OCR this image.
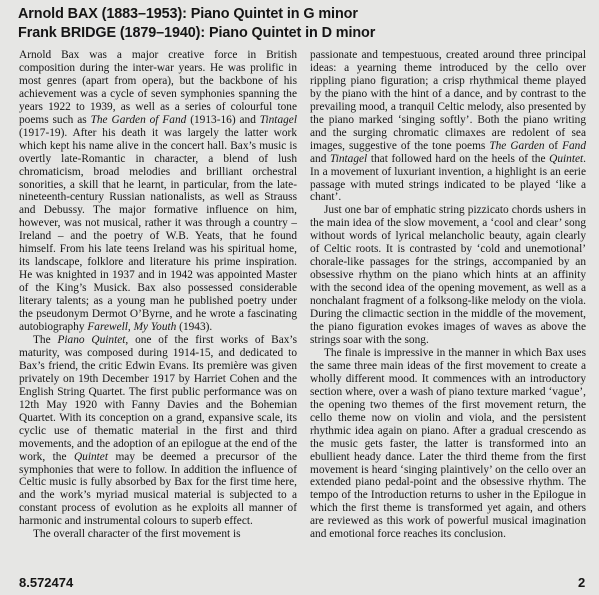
Arnold BAX (1883–1953): Piano Quintet in G minor
Frank BRIDGE (1879–1940): Piano Quintet in D minor

Arnold Bax was a major creative force in British composition during the inter-war years. He was prolific in most genres (apart from opera), but the backbone of his achievement was a cycle of seven symphonies spanning the years 1922 to 1939, as well as a series of colourful tone poems such as The Garden of Fand (1913-16) and Tintagel (1917-19). After his death it was largely the latter work which kept his name alive in the concert hall. Bax’s music is overtly late-Romantic in character, a blend of lush chromaticism, broad melodies and brilliant orchestral sonorities, a skill that he learnt, in particular, from the late-nineteenth-century Russian nationalists, as well as Strauss and Debussy. The major formative influence on him, however, was not musical, rather it was through a country – Ireland – and the poetry of W.B. Yeats, that he found himself. From his late teens Ireland was his spiritual home, its landscape, folklore and literature his prime inspiration. He was knighted in 1937 and in 1942 was appointed Master of the King’s Musick. Bax also possessed considerable literary talents; as a young man he published poetry under the pseudonym Dermot O’Byrne, and he wrote a fascinating autobiography Farewell, My Youth (1943).

The Piano Quintet, one of the first works of Bax’s maturity, was composed during 1914-15, and dedicated to Bax’s friend, the critic Edwin Evans. Its première was given privately on 19th December 1917 by Harriet Cohen and the English String Quartet. The first public performance was on 12th May 1920 with Fanny Davies and the Bohemian Quartet. With its conception on a grand, expansive scale, its cyclic use of thematic material in the first and third movements, and the adoption of an epilogue at the end of the work, the Quintet may be deemed a precursor of the symphonies that were to follow. In addition the influence of Celtic music is fully absorbed by Bax for the first time here, and the work’s myriad musical material is subjected to a constant process of evolution as he exploits all manner of harmonic and instrumental colours to superb effect.

The overall character of the first movement is

passionate and tempestuous, created around three principal ideas: a yearning theme introduced by the cello over rippling piano figuration; a crisp rhythmical theme played by the piano with the hint of a dance, and by contrast to the prevailing mood, a tranquil Celtic melody, also presented by the piano marked ‘singing softly’. Both the piano writing and the surging chromatic climaxes are redolent of sea images, suggestive of the tone poems The Garden of Fand and Tintagel that followed hard on the heels of the Quintet. In a movement of luxuriant invention, a highlight is an eerie passage with muted strings indicated to be played ‘like a chant’.

Just one bar of emphatic string pizzicato chords ushers in the main idea of the slow movement, a ‘cool and clear’ song without words of lyrical melancholic beauty, again clearly of Celtic roots. It is contrasted by ‘cold and unemotional’ chorale-like passages for the strings, accompanied by an obsessive rhythm on the piano which hints at an affinity with the second idea of the opening movement, as well as a nonchalant fragment of a folksong-like melody on the viola. During the climactic section in the middle of the movement, the piano figuration evokes images of waves as above the strings soar with the song.

The finale is impressive in the manner in which Bax uses the same three main ideas of the first movement to create a wholly different mood. It commences with an introductory section where, over a wash of piano texture marked ‘vague’, the opening two themes of the first movement return, the cello theme now on violin and viola, and the persistent rhythmic idea again on piano. After a gradual crescendo as the music gets faster, the latter is transformed into an ebullient heady dance. Later the third theme from the first movement is heard ‘singing plaintively’ on the cello over an extended piano pedal-point and the obsessive rhythm. The tempo of the Introduction returns to usher in the Epilogue in which the first theme is transformed yet again, and others are reviewed as this work of powerful musical imagination and emotional force reaches its conclusion.

8.572474	2
